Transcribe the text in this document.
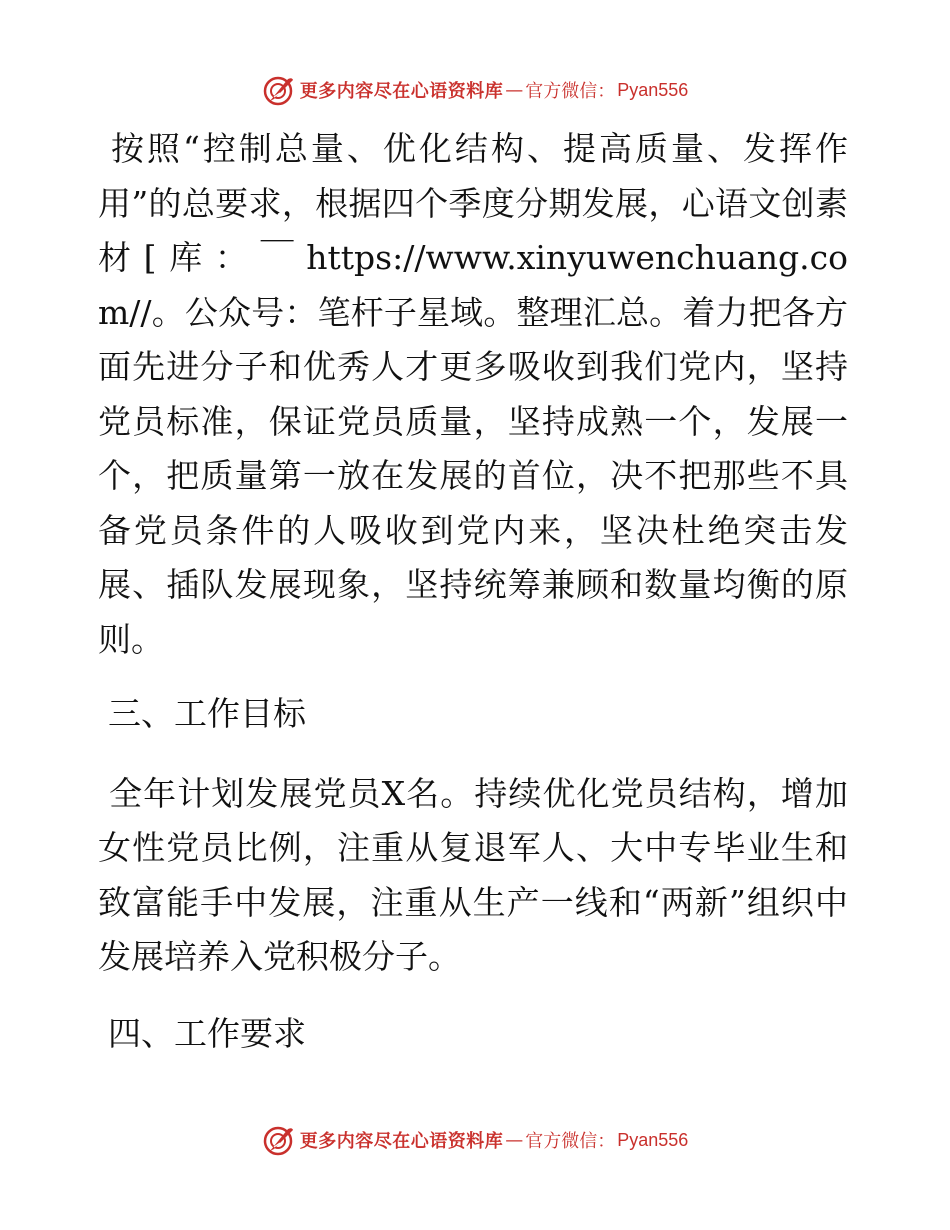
更多内容尽在心语资料库 — 官方微信： Pyan556

按照“控制总量、优化结构、提高质量、发挥作用”的总要求，根据四个季度分期发展，心语文创素材[库：￣https://www.xinyuwenchuang.com//。公众号：笔杆子星域。整理汇总。着力把各方面先进分子和优秀人才更多吸收到我们党内，坚持党员标准，保证党员质量，坚持成熟一个，发展一个，把质量第一放在发展的首位，决不把那些不具备党员条件的人吸收到党内来，坚决杜绝突击发展、插队发展现象，坚持统筹兼顾和数量均衡的原则。

三、工作目标

全年计划发展党员X名。持续优化党员结构，增加女性党员比例，注重从复退军人、大中专毕业生和致富能手中发展，注重从生产一线和“两新”组织中发展培养入党积极分子。

四、工作要求

更多内容尽在心语资料库 — 官方微信： Pyan556
